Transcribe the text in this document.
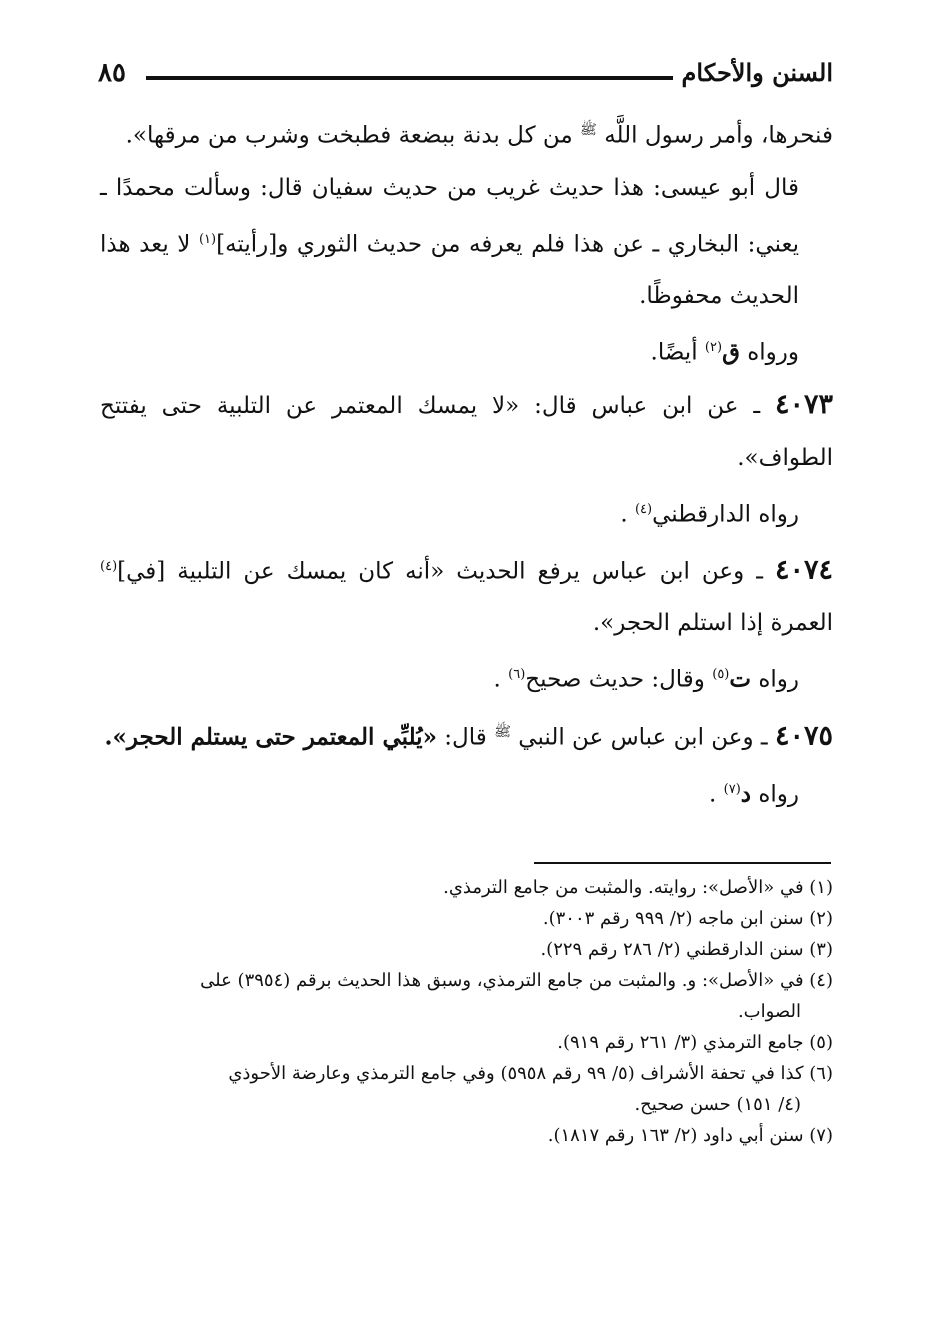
السنن والأحكام
٨٥

فنحرها، وأمر رسول اللَّه $^ﷺ$ من كل بدنة ببضعة فطبخت وشرب من مرقها».

قال أبو عيسى: هذا حديث غريب من حديث سفيان قال: وسألت محمدًا ـ يعني: البخاري ـ عن هذا فلم يعرفه من حديث الثوري و[رأيته]$^{(١)}$ لا يعد هذا الحديث محفوظًا.

ورواه ق$^{(٢)}$ أيضًا.

٤٠٧٣ ـ عن ابن عباس قال: «لا يمسك المعتمر عن التلبية حتى يفتتح الطواف».

رواه الدارقطني$^{(٤)}$ .

٤٠٧٤ ـ وعن ابن عباس يرفع الحديث «أنه كان يمسك عن التلبية [في]$^{(٤)}$ العمرة إذا استلم الحجر».

رواه ت$^{(٥)}$ وقال: حديث صحيح$^{(٦)}$ .

٤٠٧٥ ـ وعن ابن عباس عن النبي $^ﷺ$ قال: «يُلبِّي المعتمر حتى يستلم الحجر».

رواه د$^{(٧)}$ .

(١) في «الأصل»: روايته. والمثبت من جامع الترمذي.

(٢) سنن ابن ماجه (٢/ ٩٩٩ رقم ٣٠٠٣).

(٣) سنن الدارقطني (٢/ ٢٨٦ رقم ٢٢٩).

(٤) في «الأصل»: و. والمثبت من جامع الترمذي، وسبق هذا الحديث برقم (٣٩٥٤) على

الصواب.

(٥) جامع الترمذي (٣/ ٢٦١ رقم ٩١٩).

(٦) كذا في تحفة الأشراف (٥/ ٩٩ رقم ٥٩٥٨) وفي جامع الترمذي وعارضة الأحوذي

(٤/ ١٥١) حسن صحيح.

(٧) سنن أبي داود (٢/ ١٦٣ رقم ١٨١٧).
